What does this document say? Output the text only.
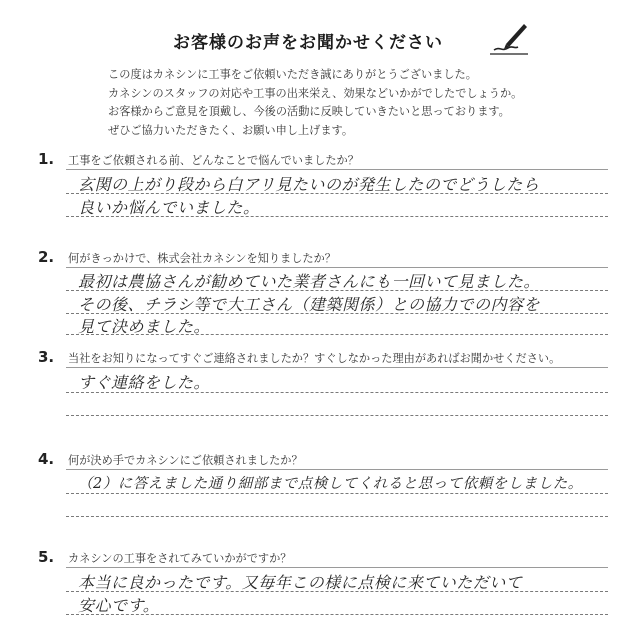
お客様のお声をお聞かせください

この度はカネシンに工事をご依頼いただき誠にありがとうございました。

カネシンのスタッフの対応や工事の出来栄え、効果などいかがでしたでしょうか。

お客様からご意見を頂戴し、今後の活動に反映していきたいと思っております。

ぜひご協力いただきたく、お願い申し上げます。

1. 工事をご依頼される前、どんなことで悩んでいましたか？
玄関の上がり段から白アリ見たいのが発生したのでどうしたら
良いか悩んでいました。
2. 何がきっかけで、株式会社カネシンを知りましたか？
最初は農協さんが勧めていた業者さんにも一回いて見ました。
その後、チラシ等で大工さん（建築関係）との協力での内容を
見て決めました。
3. 当社をお知りになってすぐご連絡されましたか？すぐしなかった理由があればお聞かせください。
すぐ連絡をした。
4. 何が決め手でカネシンにご依頼されましたか？
（2）に答えました通り細部まで点検してくれると思って依頼をしました。
5. カネシンの工事をされてみていかがですか？
本当に良かったです。又毎年この様に点検に来ていただいて
安心です。
